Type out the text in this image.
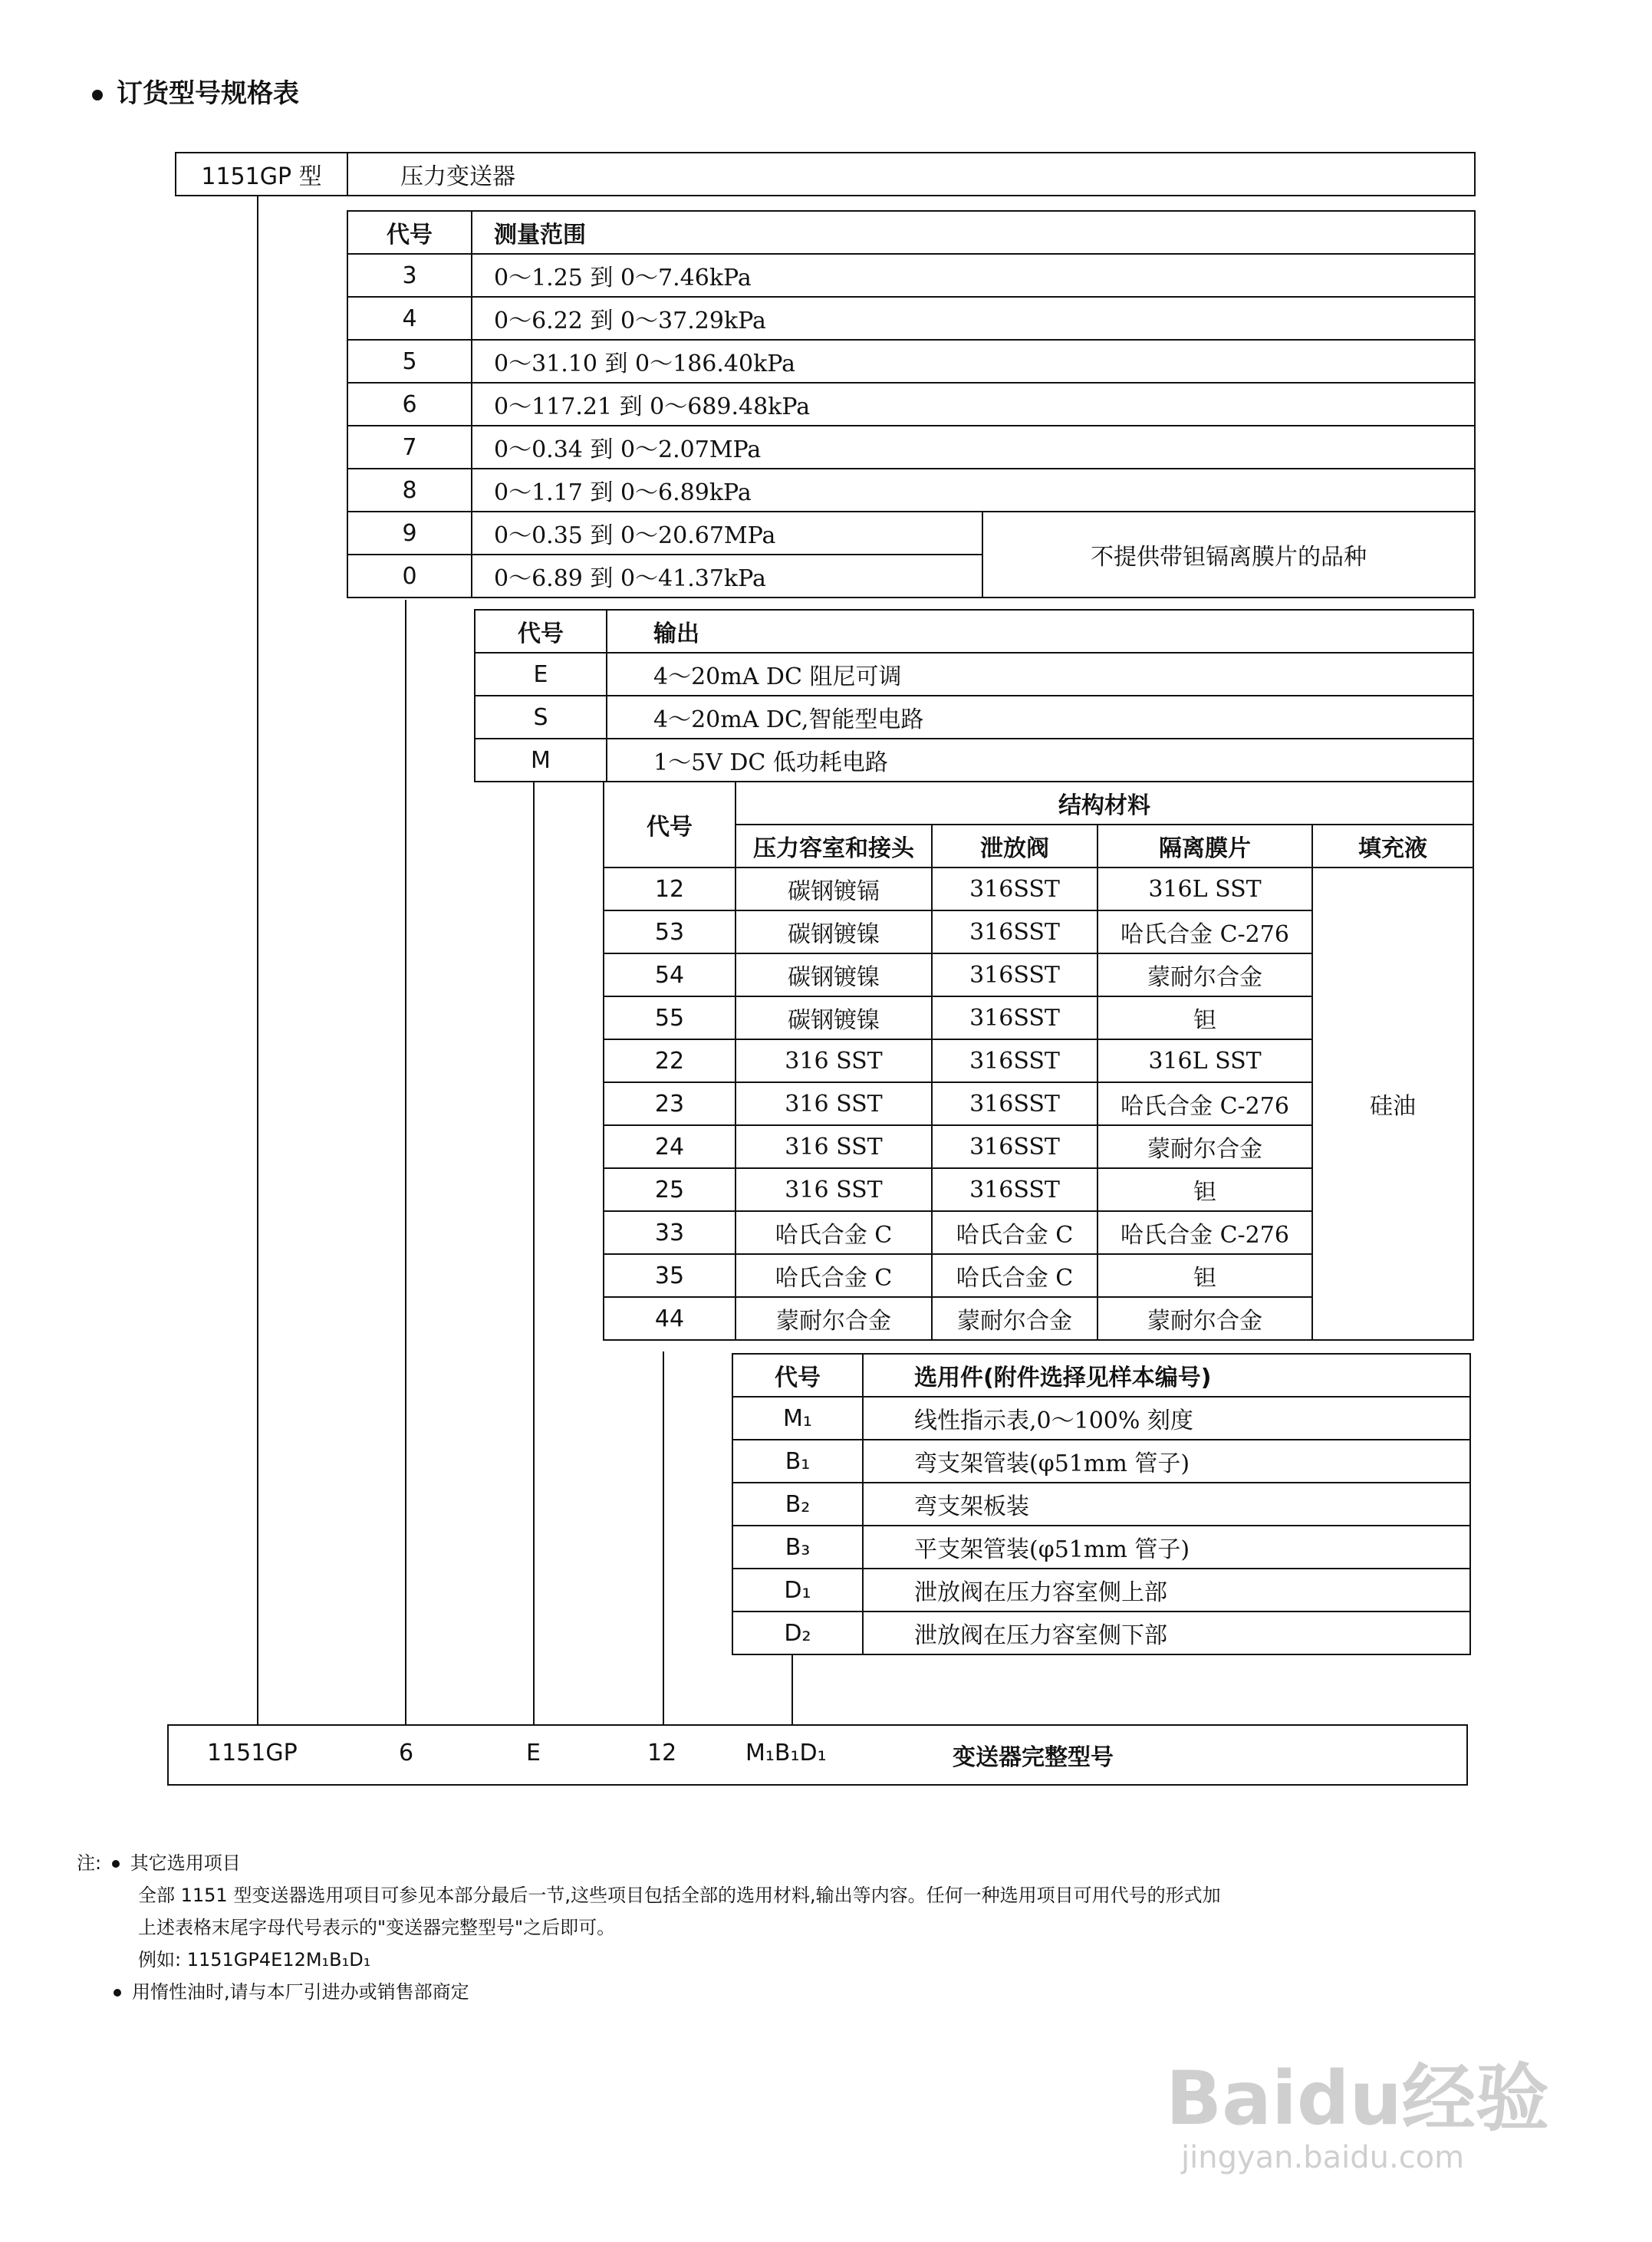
订货型号规格表
1151GP 型	压力变送器
代号	测量范围	
3	0～1.25 到 0～7.46kPa	
4	0～6.22 到 0～37.29kPa	
5	0～31.10 到 0～186.40kPa	
6	0～117.21 到 0～689.48kPa	
7	0～0.34 到 0～2.07MPa	
8	0～1.17 到 0～6.89kPa	
9	0～0.35 到 0～20.67MPa	不提供带钽镉离膜片的品种
0	0～6.89 到 0～41.37kPa	
代号	输出
E	4～20mA DC 阻尼可调
S	4～20mA DC,智能型电路
M	1～5V DC 低功耗电路
代号	结构材料			
	压力容室和接头	泄放阀	隔离膜片	填充液
12	碳钢镀镉	316SST	316L SST	硅油
53	碳钢镀镍	316SST	哈氏合金 C-276	
54	碳钢镀镍	316SST	蒙耐尔合金	
55	碳钢镀镍	316SST	钽	
22	316 SST	316SST	316L SST	
23	316 SST	316SST	哈氏合金 C-276	
24	316 SST	316SST	蒙耐尔合金	
25	316 SST	316SST	钽	
33	哈氏合金 C	哈氏合金 C	哈氏合金 C-276	
35	哈氏合金 C	哈氏合金 C	钽	
44	蒙耐尔合金	蒙耐尔合金	蒙耐尔合金	
代号	选用件(附件选择见样本编号)
M₁	线性指示表,0～100% 刻度
B₁	弯支架管装(φ51mm 管子)
B₂	弯支架板装
B₃	平支架管装(φ51mm 管子)
D₁	泄放阀在压力容室侧上部
D₂	泄放阀在压力容室侧下部
1151GP	6	E	12	M₁B₁D₁	变送器完整型号
注: 其它选用项目
全部 1151 型变送器选用项目可参见本部分最后一节,这些项目包括全部的选用材料,输出等内容。任何一种选用项目可用代号的形式加
上述表格末尾字母代号表示的"变送器完整型号"之后即可。
例如: 1151GP4E12M₁B₁D₁
用惰性油时,请与本厂引进办或销售部商定
Baidu经验
jingyan.baidu.com
